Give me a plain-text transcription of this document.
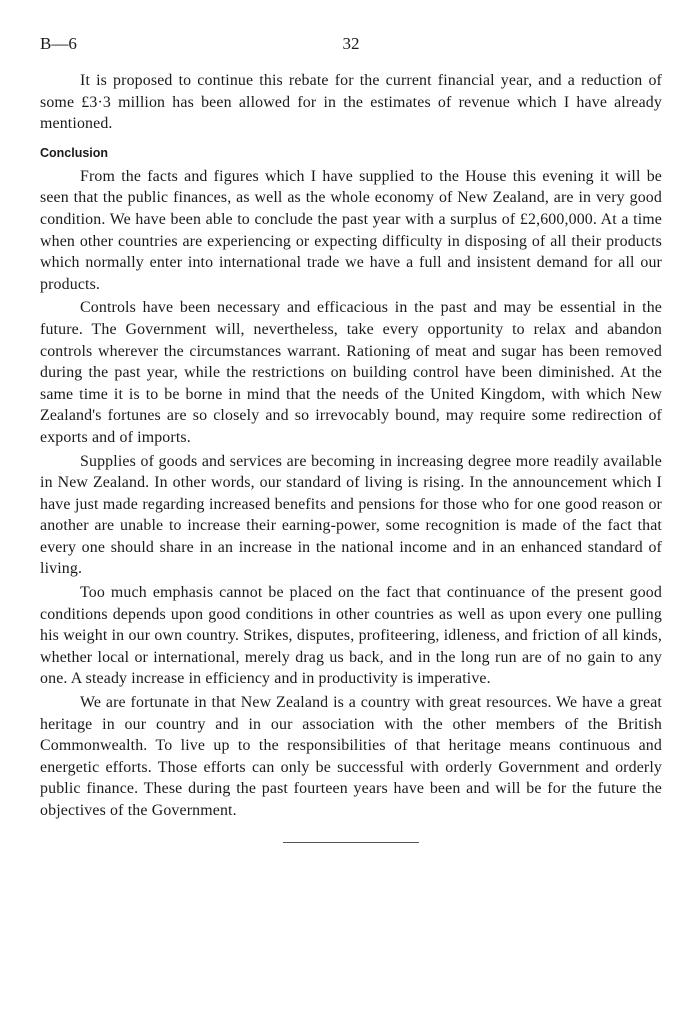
B—6	32

It is proposed to continue this rebate for the current financial year, and a reduction of some £3·3 million has been allowed for in the estimates of revenue which I have already mentioned.

Conclusion

From the facts and figures which I have supplied to the House this evening it will be seen that the public finances, as well as the whole economy of New Zealand, are in very good condition. We have been able to conclude the past year with a surplus of £2,600,000. At a time when other countries are experiencing or expecting difficulty in disposing of all their products which normally enter into international trade we have a full and insistent demand for all our products.

Controls have been necessary and efficacious in the past and may be essential in the future. The Government will, nevertheless, take every opportunity to relax and abandon controls wherever the circumstances warrant. Rationing of meat and sugar has been removed during the past year, while the restrictions on building control have been diminished. At the same time it is to be borne in mind that the needs of the United Kingdom, with which New Zealand's fortunes are so closely and so irrevocably bound, may require some redirection of exports and of imports.

Supplies of goods and services are becoming in increasing degree more readily available in New Zealand. In other words, our standard of living is rising. In the announcement which I have just made regarding increased benefits and pensions for those who for one good reason or another are unable to increase their earning-power, some recognition is made of the fact that every one should share in an increase in the national income and in an enhanced standard of living.

Too much emphasis cannot be placed on the fact that continuance of the present good conditions depends upon good conditions in other countries as well as upon every one pulling his weight in our own country. Strikes, disputes, profiteering, idleness, and friction of all kinds, whether local or international, merely drag us back, and in the long run are of no gain to any one. A steady increase in efficiency and in productivity is imperative.

We are fortunate in that New Zealand is a country with great resources. We have a great heritage in our country and in our association with the other members of the British Commonwealth. To live up to the responsibilities of that heritage means continuous and energetic efforts. Those efforts can only be successful with orderly Government and orderly public finance. These during the past fourteen years have been and will be for the future the objectives of the Government.
